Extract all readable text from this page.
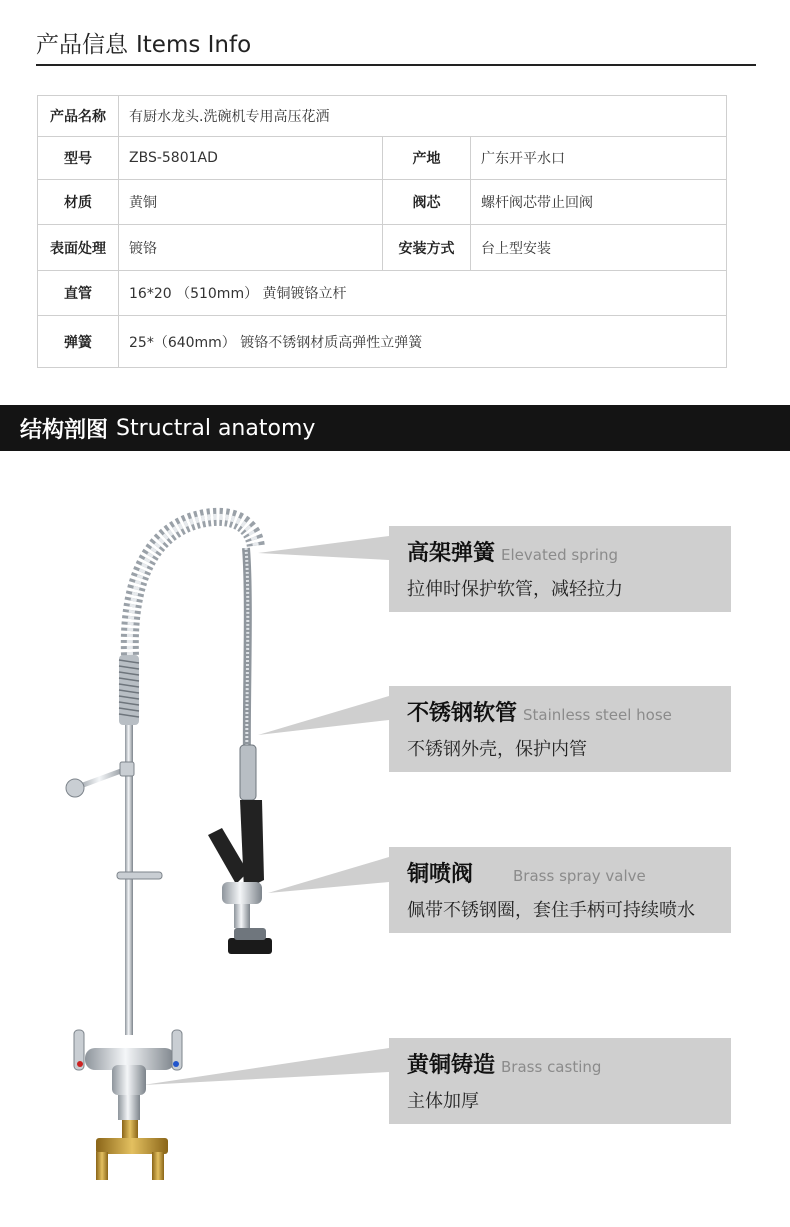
产品信息 Items Info
产品名称	有厨水龙头.洗碗机专用高压花洒		
型号	ZBS-5801AD	产地	广东开平水口
材质	黄铜	阀芯	螺杆阀芯带止回阀
表面处理	镀铬	安装方式	台上型安装
直管	16*20 （510mm） 黄铜镀铬立杆		
弹簧	25*（640mm） 镀铬不锈钢材质高弹性立弹簧		
结构剖图 Structral anatomy
高架弹簧 Elevated spring
拉伸时保护软管，减轻拉力
不锈钢软管 Stainless steel hose
不锈钢外壳，保护内管
铜喷阀	Brass spray valve
佩带不锈钢圈，套住手柄可持续喷水
黄铜铸造 Brass casting
主体加厚
